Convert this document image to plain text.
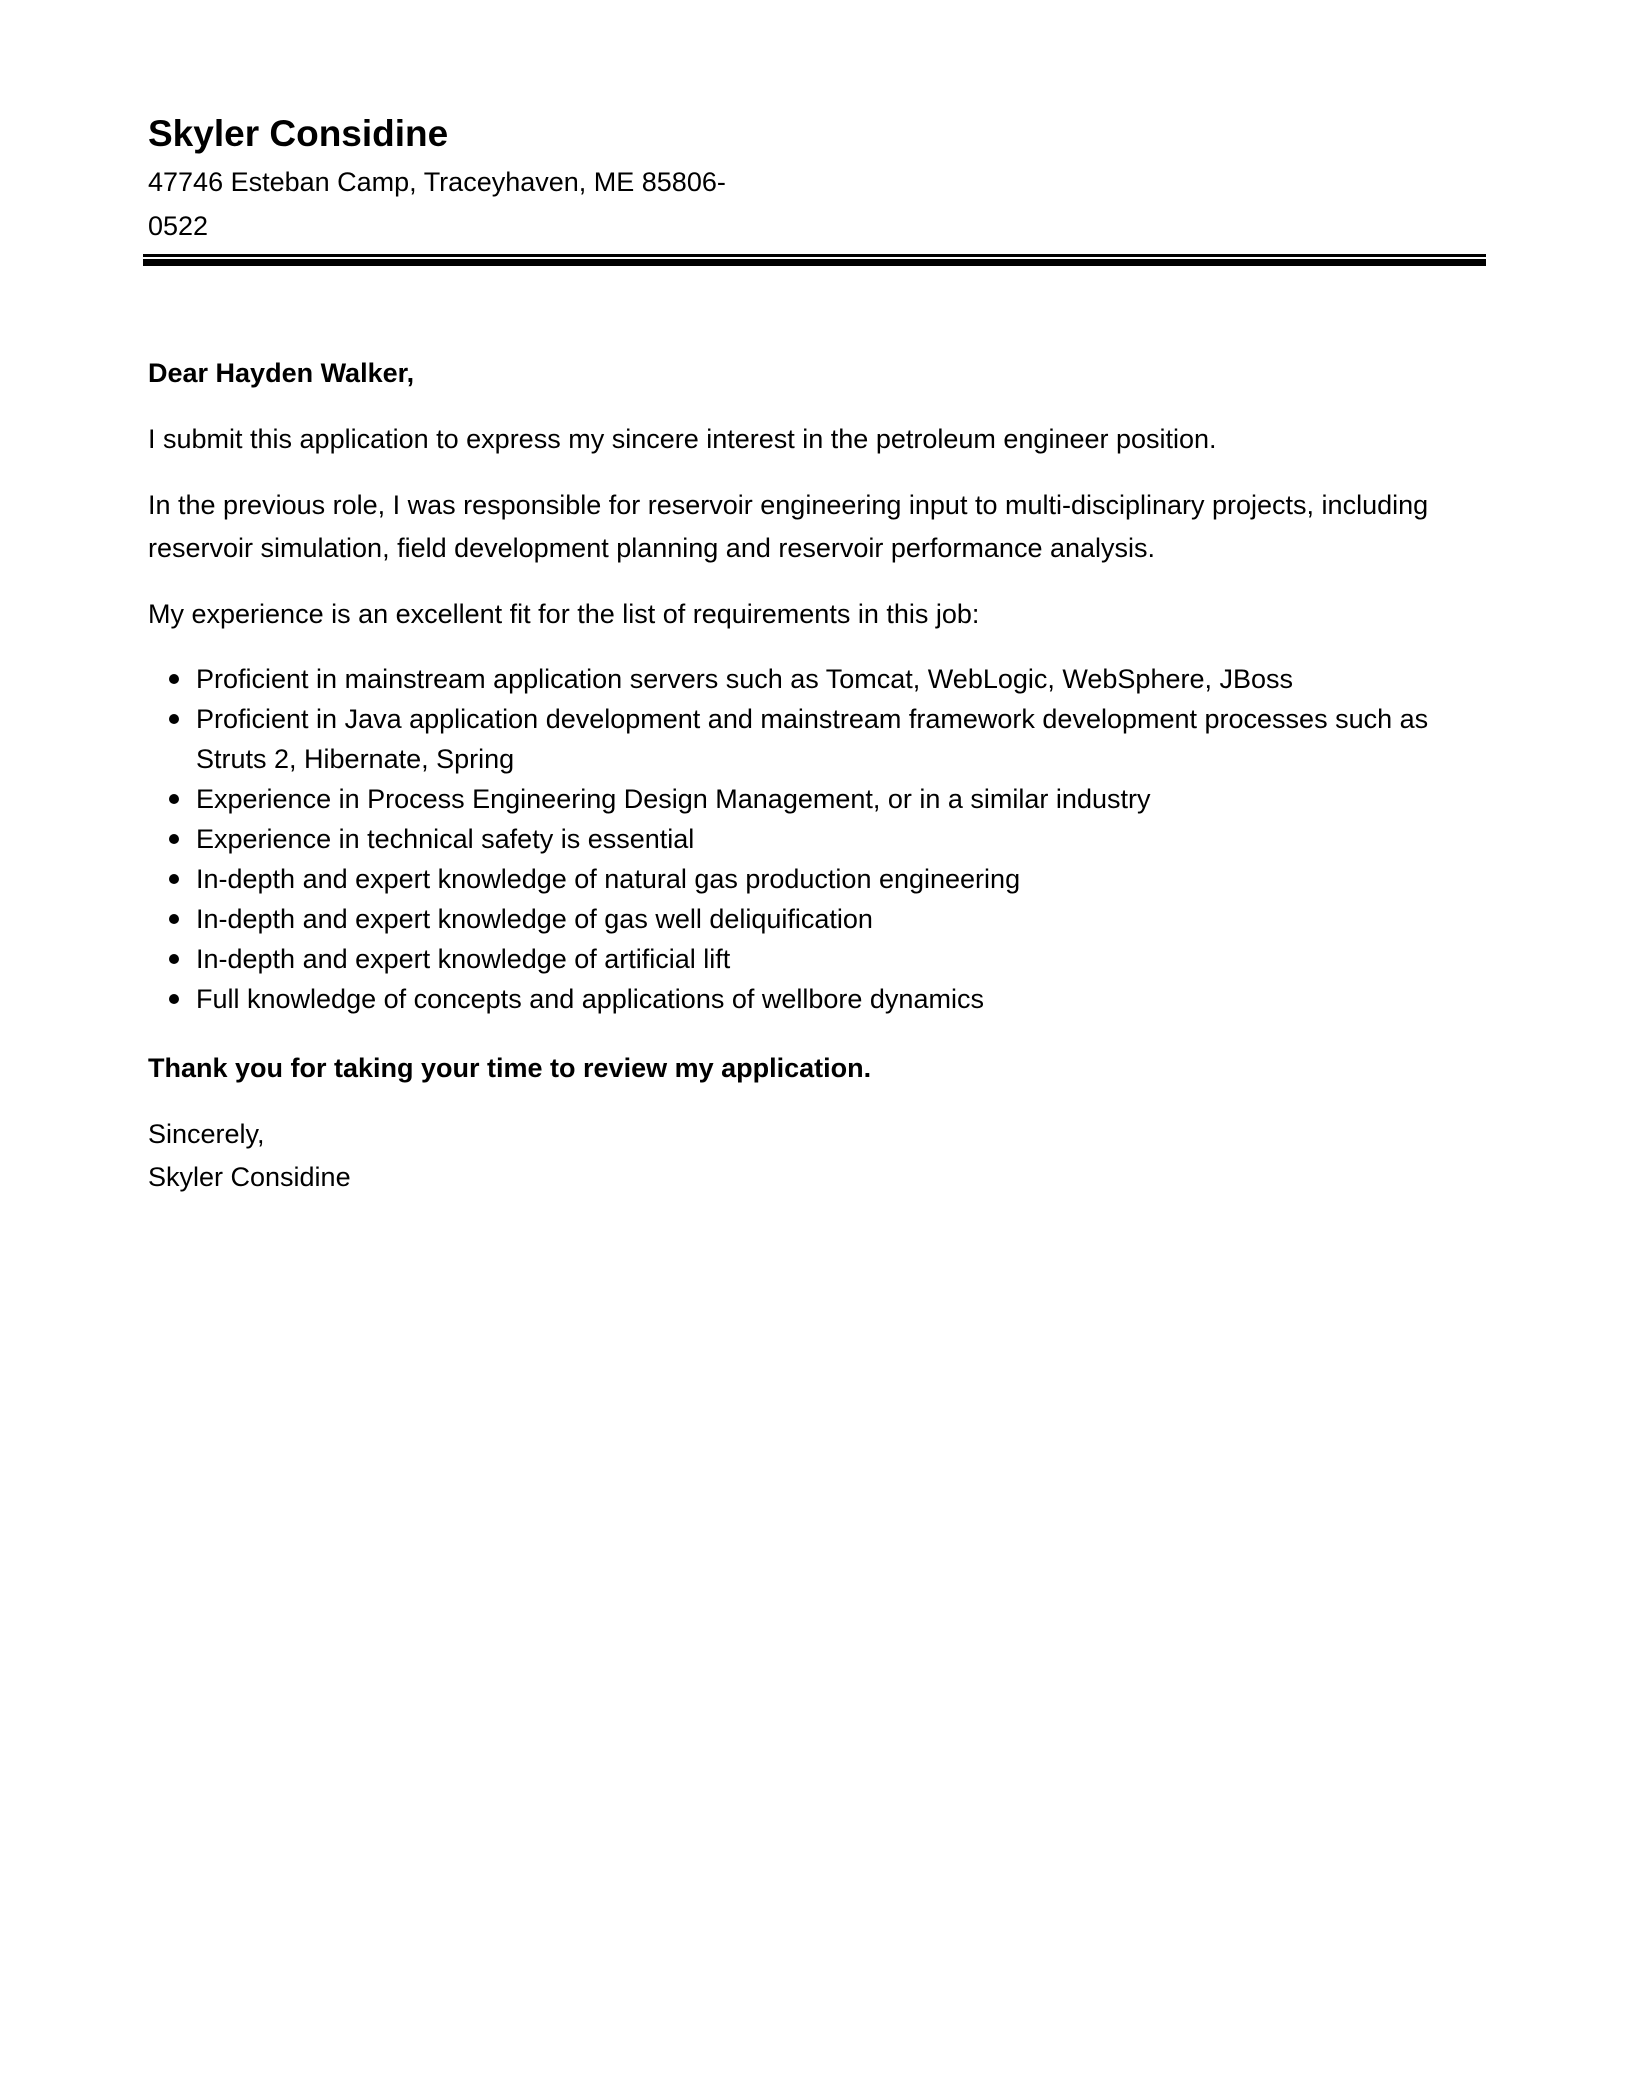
Skyler Considine
47746 Esteban Camp, Traceyhaven, ME 85806-0522

Dear Hayden Walker,

I submit this application to express my sincere interest in the petroleum engineer position.

In the previous role, I was responsible for reservoir engineering input to multi-disciplinary projects, including reservoir simulation, field development planning and reservoir performance analysis.

My experience is an excellent fit for the list of requirements in this job:

Proficient in mainstream application servers such as Tomcat, WebLogic, WebSphere, JBoss
Proficient in Java application development and mainstream framework development processes such as Struts 2, Hibernate, Spring
Experience in Process Engineering Design Management, or in a similar industry
Experience in technical safety is essential
In-depth and expert knowledge of natural gas production engineering
In-depth and expert knowledge of gas well deliquification
In-depth and expert knowledge of artificial lift
Full knowledge of concepts and applications of wellbore dynamics

Thank you for taking your time to review my application.

Sincerely,

Skyler Considine
